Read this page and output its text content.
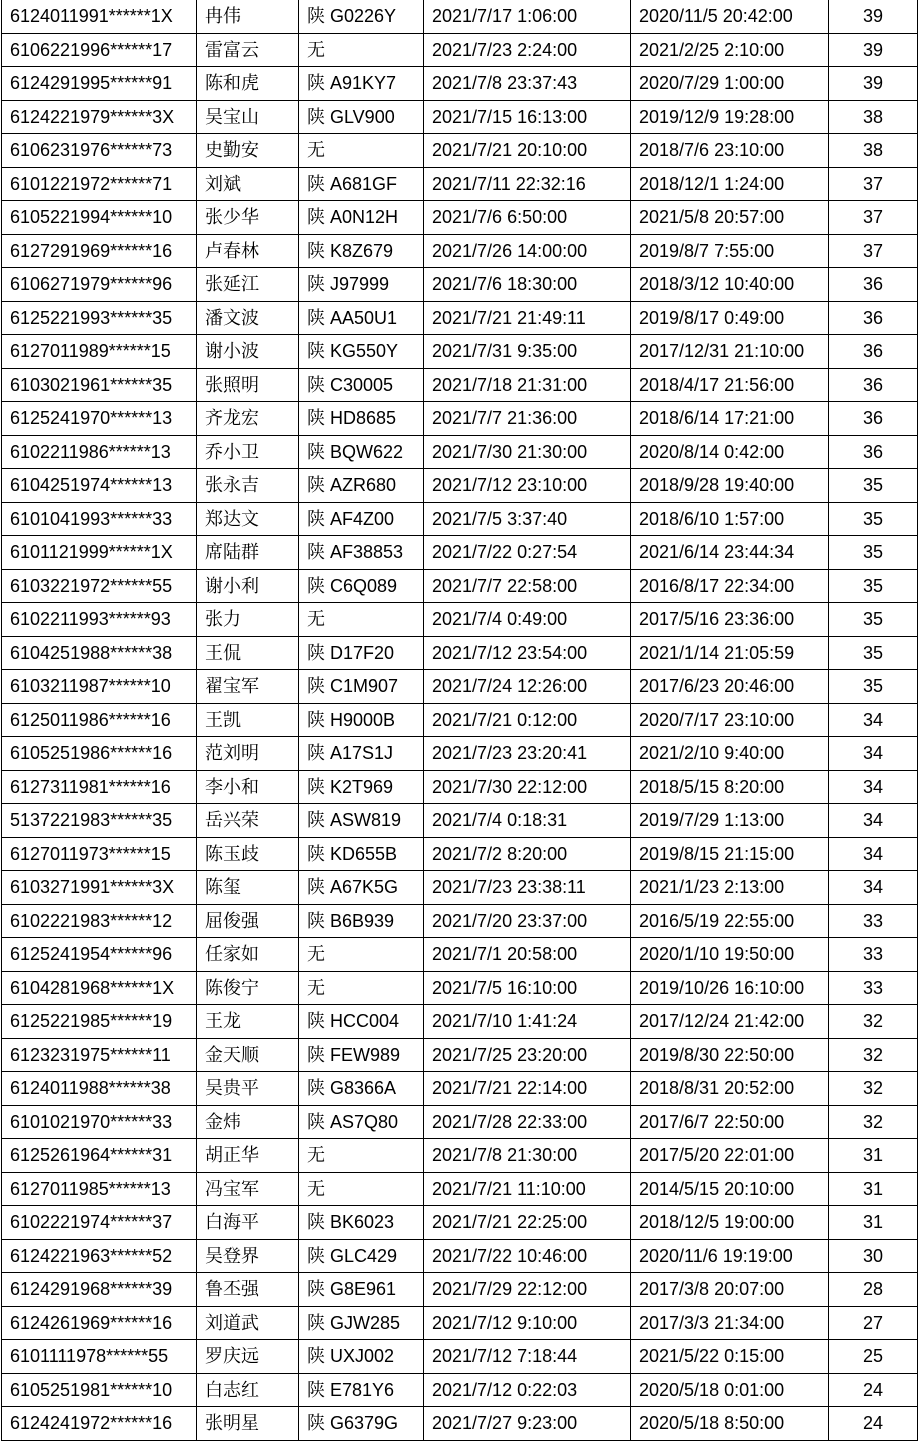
6124011991******1X	冉伟	陕 G0226Y	2021/7/17 1:06:00	2020/11/5 20:42:00	39
6106221996******17	雷富云	无	2021/7/23 2:24:00	2021/2/25 2:10:00	39
6124291995******91	陈和虎	陕 A91KY7	2021/7/8 23:37:43	2020/7/29 1:00:00	39
6124221979******3X	吴宝山	陕 GLV900	2021/7/15 16:13:00	2019/12/9 19:28:00	38
6106231976******73	史勤安	无	2021/7/21 20:10:00	2018/7/6 23:10:00	38
6101221972******71	刘斌	陕 A681GF	2021/7/11 22:32:16	2018/12/1 1:24:00	37
6105221994******10	张少华	陕 A0N12H	2021/7/6 6:50:00	2021/5/8 20:57:00	37
6127291969******16	卢春林	陕 K8Z679	2021/7/26 14:00:00	2019/8/7 7:55:00	37
6106271979******96	张延江	陕 J97999	2021/7/6 18:30:00	2018/3/12 10:40:00	36
6125221993******35	潘文波	陕 AA50U1	2021/7/21 21:49:11	2019/8/17 0:49:00	36
6127011989******15	谢小波	陕 KG550Y	2021/7/31 9:35:00	2017/12/31 21:10:00	36
6103021961******35	张照明	陕 C30005	2021/7/18 21:31:00	2018/4/17 21:56:00	36
6125241970******13	齐龙宏	陕 HD8685	2021/7/7 21:36:00	2018/6/14 17:21:00	36
6102211986******13	乔小卫	陕 BQW622	2021/7/30 21:30:00	2020/8/14 0:42:00	36
6104251974******13	张永吉	陕 AZR680	2021/7/12 23:10:00	2018/9/28 19:40:00	35
6101041993******33	郑达文	陕 AF4Z00	2021/7/5 3:37:40	2018/6/10 1:57:00	35
6101121999******1X	席陆群	陕 AF38853	2021/7/22 0:27:54	2021/6/14 23:44:34	35
6103221972******55	谢小利	陕 C6Q089	2021/7/7 22:58:00	2016/8/17 22:34:00	35
6102211993******93	张力	无	2021/7/4 0:49:00	2017/5/16 23:36:00	35
6104251988******38	王侃	陕 D17F20	2021/7/12 23:54:00	2021/1/14 21:05:59	35
6103211987******10	翟宝军	陕 C1M907	2021/7/24 12:26:00	2017/6/23 20:46:00	35
6125011986******16	王凯	陕 H9000B	2021/7/21 0:12:00	2020/7/17 23:10:00	34
6105251986******16	范刘明	陕 A17S1J	2021/7/23 23:20:41	2021/2/10 9:40:00	34
6127311981******16	李小和	陕 K2T969	2021/7/30 22:12:00	2018/5/15 8:20:00	34
5137221983******35	岳兴荣	陕 ASW819	2021/7/4 0:18:31	2019/7/29 1:13:00	34
6127011973******15	陈玉歧	陕 KD655B	2021/7/2 8:20:00	2019/8/15 21:15:00	34
6103271991******3X	陈玺	陕 A67K5G	2021/7/23 23:38:11	2021/1/23 2:13:00	34
6102221983******12	屈俊强	陕 B6B939	2021/7/20 23:37:00	2016/5/19 22:55:00	33
6125241954******96	任家如	无	2021/7/1 20:58:00	2020/1/10 19:50:00	33
6104281968******1X	陈俊宁	无	2021/7/5 16:10:00	2019/10/26 16:10:00	33
6125221985******19	王龙	陕 HCC004	2021/7/10 1:41:24	2017/12/24 21:42:00	32
6123231975******11	金天顺	陕 FEW989	2021/7/25 23:20:00	2019/8/30 22:50:00	32
6124011988******38	吴贵平	陕 G8366A	2021/7/21 22:14:00	2018/8/31 20:52:00	32
6101021970******33	金炜	陕 AS7Q80	2021/7/28 22:33:00	2017/6/7 22:50:00	32
6125261964******31	胡正华	无	2021/7/8 21:30:00	2017/5/20 22:01:00	31
6127011985******13	冯宝军	无	2021/7/21 11:10:00	2014/5/15 20:10:00	31
6102221974******37	白海平	陕 BK6023	2021/7/21 22:25:00	2018/12/5 19:00:00	31
6124221963******52	吴登界	陕 GLC429	2021/7/22 10:46:00	2020/11/6 19:19:00	30
6124291968******39	鲁丕强	陕 G8E961	2021/7/29 22:12:00	2017/3/8 20:07:00	28
6124261969******16	刘道武	陕 GJW285	2021/7/12 9:10:00	2017/3/3 21:34:00	27
6101111978******55	罗庆远	陕 UXJ002	2021/7/12 7:18:44	2021/5/22 0:15:00	25
6105251981******10	白志红	陕 E781Y6	2021/7/12 0:22:03	2020/5/18 0:01:00	24
6124241972******16	张明星	陕 G6379G	2021/7/27 9:23:00	2020/5/18 8:50:00	24
